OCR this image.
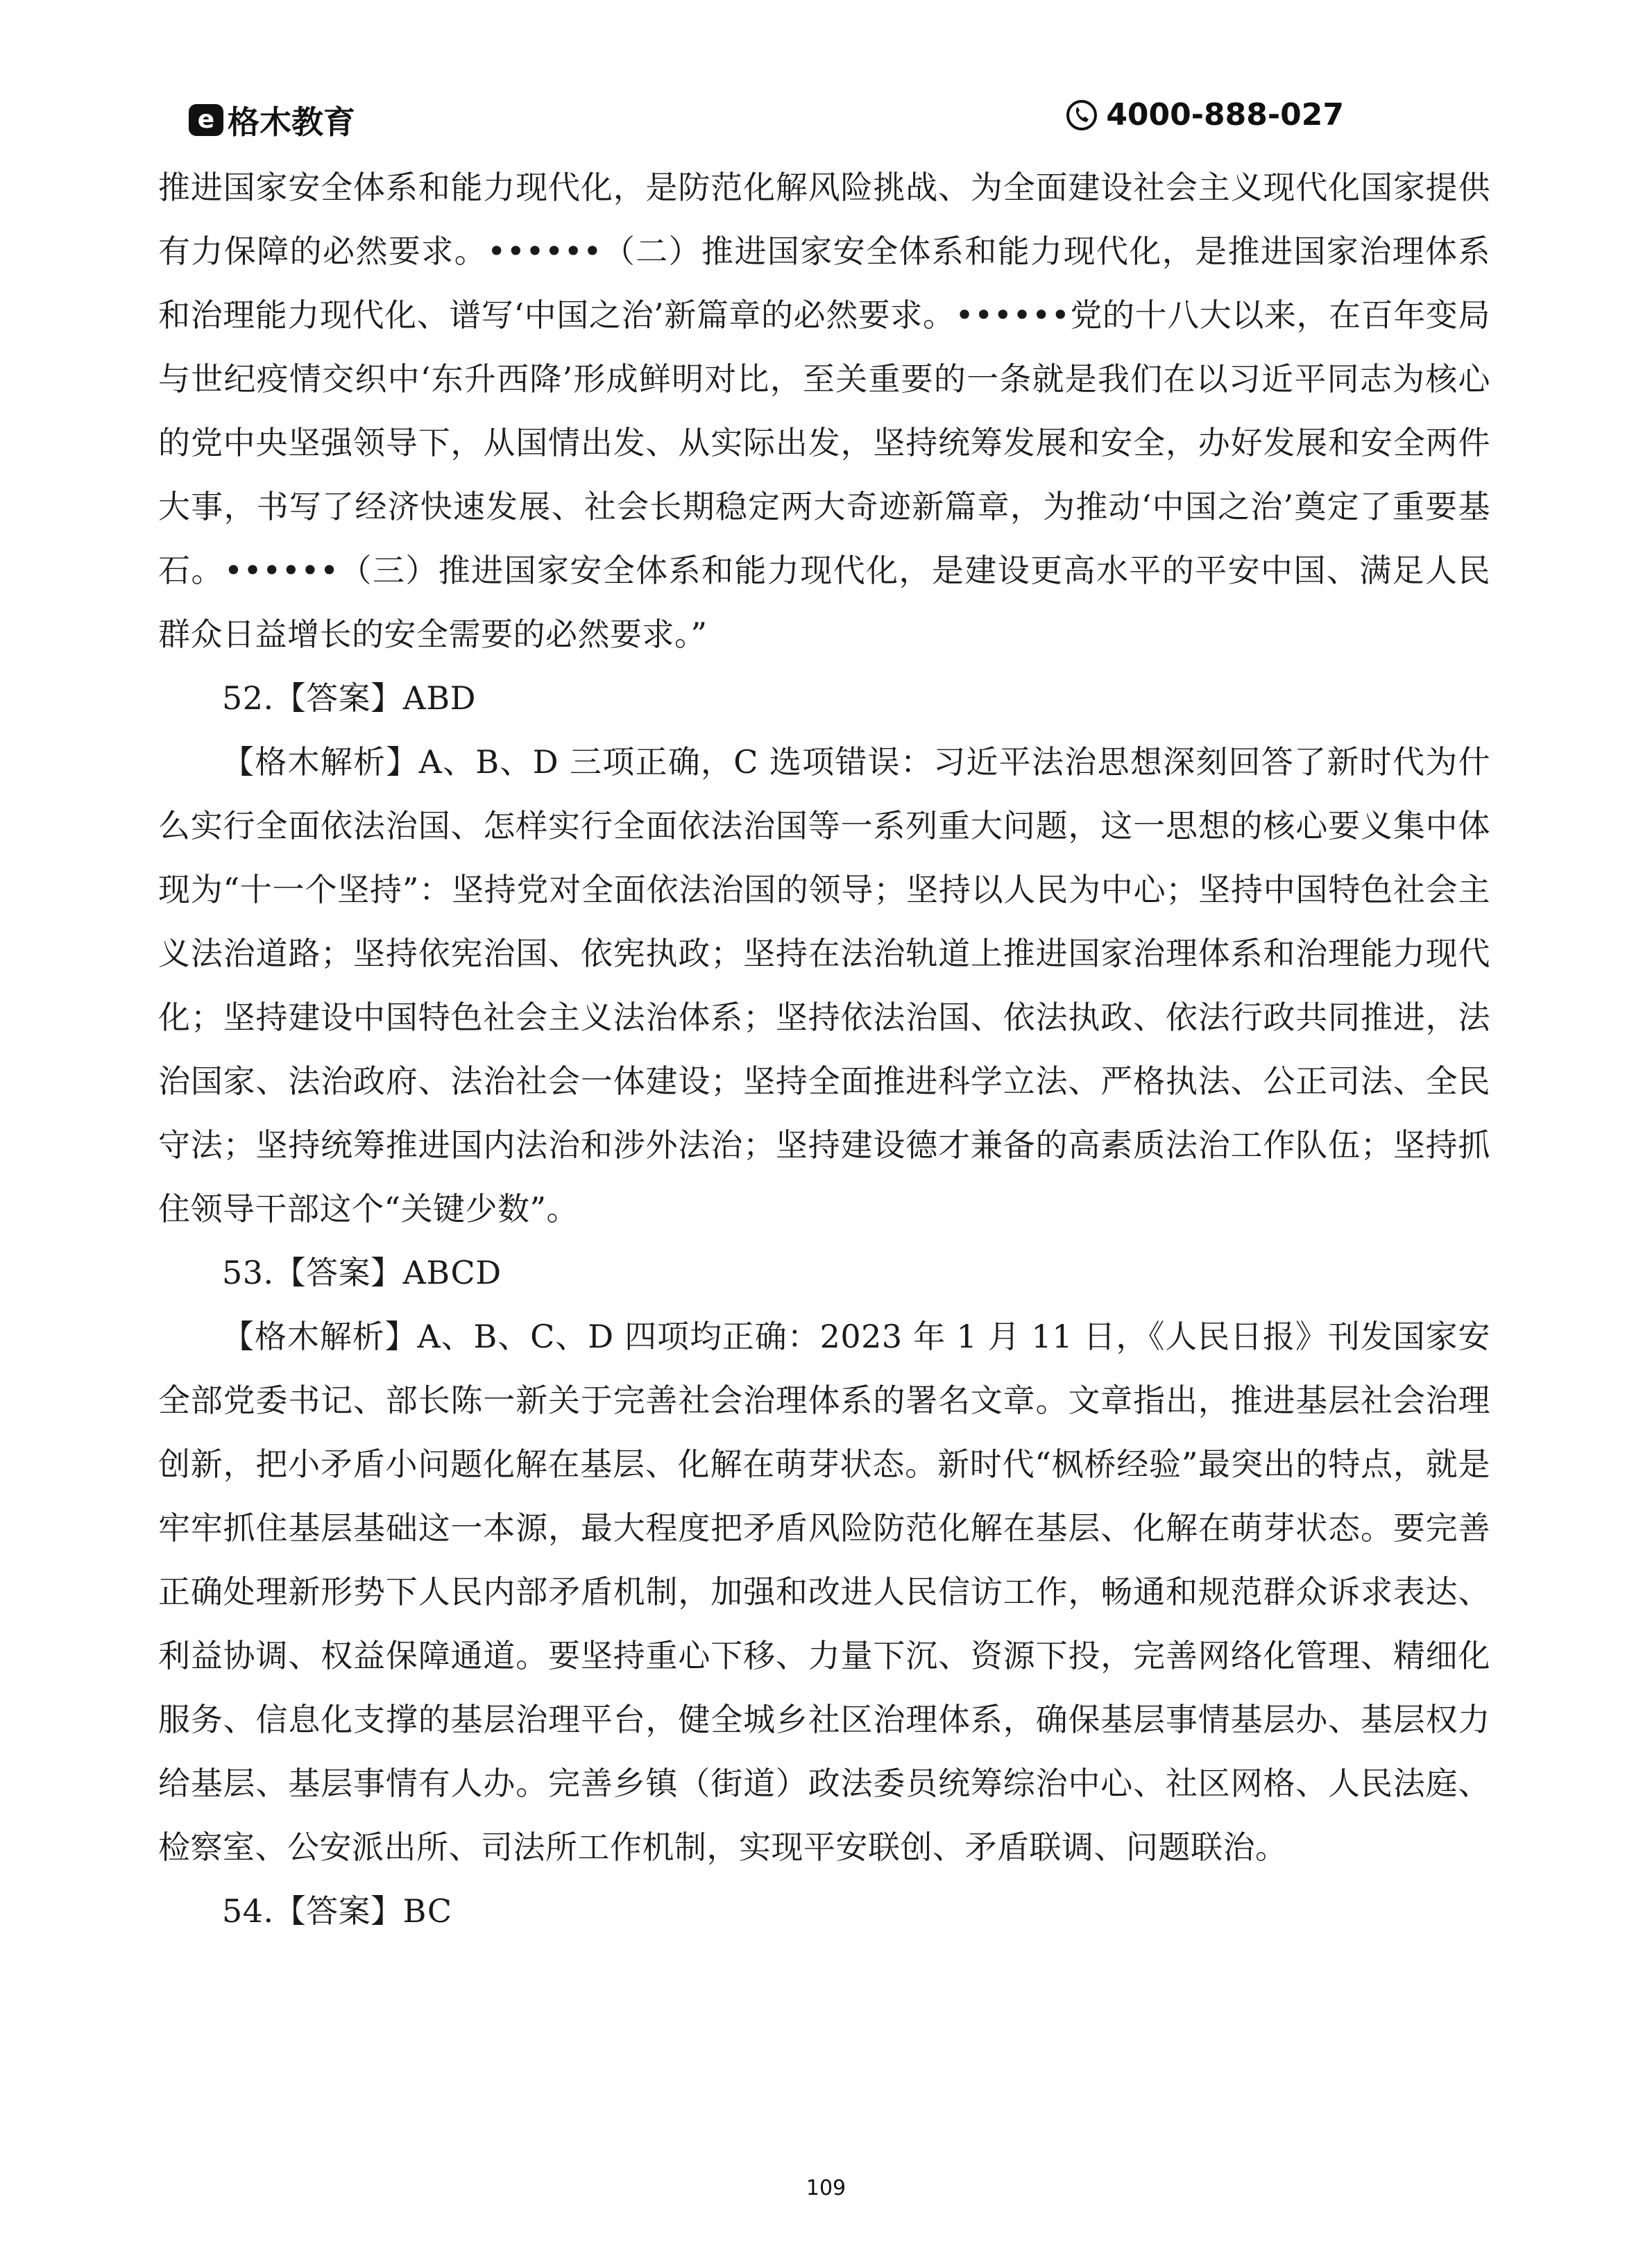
e 格木教育	4000-888-027

推进国家安全体系和能力现代化，是防范化解风险挑战、为全面建设社会主义现代化国家提供有力保障的必然要求。••••••（二）推进国家安全体系和能力现代化，是推进国家治理体系和治理能力现代化、谱写‘中国之治’新篇章的必然要求。••••••党的十八大以来，在百年变局与世纪疫情交织中‘东升西降’形成鲜明对比，至关重要的一条就是我们在以习近平同志为核心的党中央坚强领导下，从国情出发、从实际出发，坚持统筹发展和安全，办好发展和安全两件大事，书写了经济快速发展、社会长期稳定两大奇迹新篇章，为推动‘中国之治’奠定了重要基石。••••••（三）推进国家安全体系和能力现代化，是建设更高水平的平安中国、满足人民群众日益增长的安全需要的必然要求。”

52.【答案】ABD

【格木解析】A、B、D 三项正确，C 选项错误：习近平法治思想深刻回答了新时代为什么实行全面依法治国、怎样实行全面依法治国等一系列重大问题，这一思想的核心要义集中体现为“十一个坚持”：坚持党对全面依法治国的领导；坚持以人民为中心；坚持中国特色社会主义法治道路；坚持依宪治国、依宪执政；坚持在法治轨道上推进国家治理体系和治理能力现代化；坚持建设中国特色社会主义法治体系；坚持依法治国、依法执政、依法行政共同推进，法治国家、法治政府、法治社会一体建设；坚持全面推进科学立法、严格执法、公正司法、全民守法；坚持统筹推进国内法治和涉外法治；坚持建设德才兼备的高素质法治工作队伍；坚持抓住领导干部这个“关键少数”。

53.【答案】ABCD

【格木解析】A、B、C、D 四项均正确：2023 年 1 月 11 日，《人民日报》刊发国家安全部党委书记、部长陈一新关于完善社会治理体系的署名文章。文章指出，推进基层社会治理创新，把小矛盾小问题化解在基层、化解在萌芽状态。新时代“枫桥经验”最突出的特点，就是牢牢抓住基层基础这一本源，最大程度把矛盾风险防范化解在基层、化解在萌芽状态。要完善正确处理新形势下人民内部矛盾机制，加强和改进人民信访工作，畅通和规范群众诉求表达、利益协调、权益保障通道。要坚持重心下移、力量下沉、资源下投，完善网络化管理、精细化服务、信息化支撑的基层治理平台，健全城乡社区治理体系，确保基层事情基层办、基层权力给基层、基层事情有人办。完善乡镇（街道）政法委员统筹综治中心、社区网格、人民法庭、检察室、公安派出所、司法所工作机制，实现平安联创、矛盾联调、问题联治。

54.【答案】BC

109
